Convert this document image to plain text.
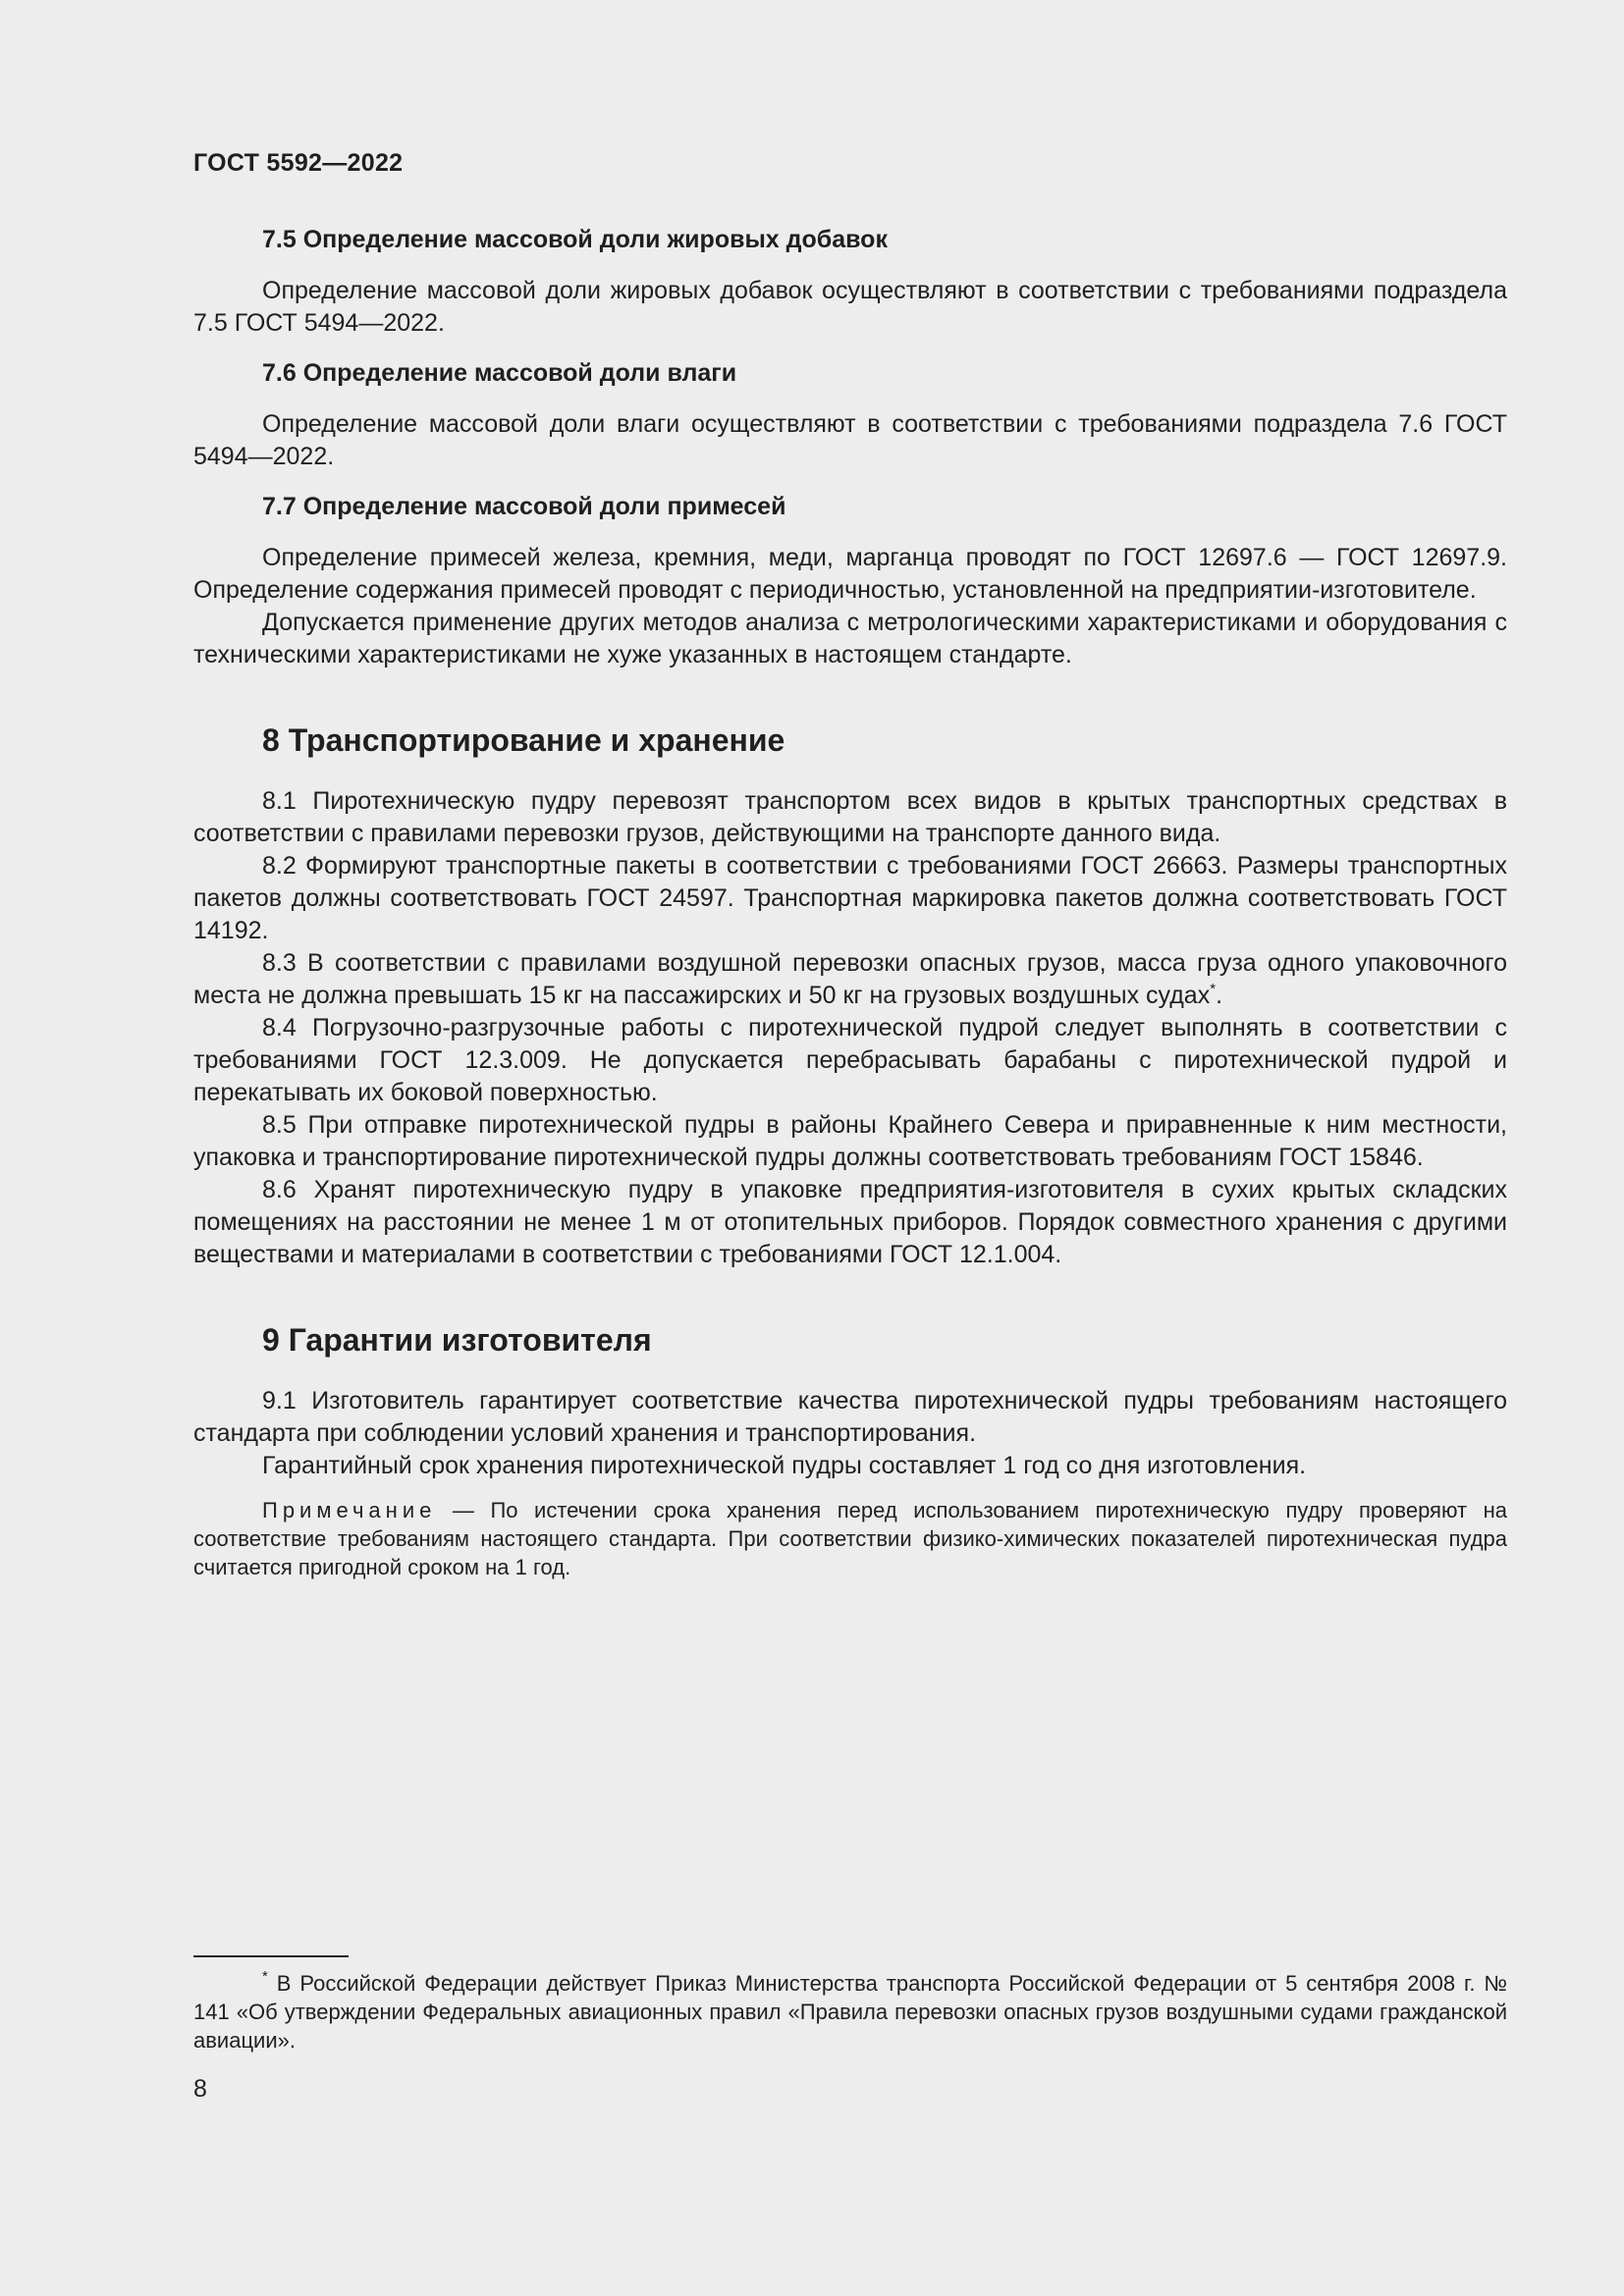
ГОСТ 5592—2022
7.5 Определение массовой доли жировых добавок

Определение массовой доли жировых добавок осуществляют в соответствии с требованиями подраздела 7.5 ГОСТ 5494—2022.

7.6 Определение массовой доли влаги

Определение массовой доли влаги осуществляют в соответствии с требованиями подраздела 7.6 ГОСТ 5494—2022.

7.7 Определение массовой доли примесей

Определение примесей железа, кремния, меди, марганца проводят по ГОСТ 12697.6 — ГОСТ 12697.9. Определение содержания примесей проводят с периодичностью, установленной на предприятии-изготовителе.

Допускается применение других методов анализа с метрологическими характеристиками и оборудования с техническими характеристиками не хуже указанных в настоящем стандарте.

8 Транспортирование и хранение

8.1 Пиротехническую пудру перевозят транспортом всех видов в крытых транспортных средствах в соответствии с правилами перевозки грузов, действующими на транспорте данного вида.

8.2 Формируют транспортные пакеты в соответствии с требованиями ГОСТ 26663. Размеры транспортных пакетов должны соответствовать ГОСТ 24597. Транспортная маркировка пакетов должна соответствовать ГОСТ 14192.

8.3 В соответствии с правилами воздушной перевозки опасных грузов, масса груза одного упаковочного места не должна превышать 15 кг на пассажирских и 50 кг на грузовых воздушных судах*.

8.4 Погрузочно-разгрузочные работы с пиротехнической пудрой следует выполнять в соответствии с требованиями ГОСТ 12.3.009. Не допускается перебрасывать барабаны с пиротехнической пудрой и перекатывать их боковой поверхностью.

8.5 При отправке пиротехнической пудры в районы Крайнего Севера и приравненные к ним местности, упаковка и транспортирование пиротехнической пудры должны соответствовать требованиям ГОСТ 15846.

8.6 Хранят пиротехническую пудру в упаковке предприятия-изготовителя в сухих крытых складских помещениях на расстоянии не менее 1 м от отопительных приборов. Порядок совместного хранения с другими веществами и материалами в соответствии с требованиями ГОСТ 12.1.004.

9 Гарантии изготовителя

9.1 Изготовитель гарантирует соответствие качества пиротехнической пудры требованиям настоящего стандарта при соблюдении условий хранения и транспортирования.

Гарантийный срок хранения пиротехнической пудры составляет 1 год со дня изготовления.

Примечание — По истечении срока хранения перед использованием пиротехническую пудру проверяют на соответствие требованиям настоящего стандарта. При соответствии физико-химических показателей пиротехническая пудра считается пригодной сроком на 1 год.

* В Российской Федерации действует Приказ Министерства транспорта Российской Федерации от 5 сентября 2008 г. № 141 «Об утверждении Федеральных авиационных правил «Правила перевозки опасных грузов воздушными судами гражданской авиации».

8
